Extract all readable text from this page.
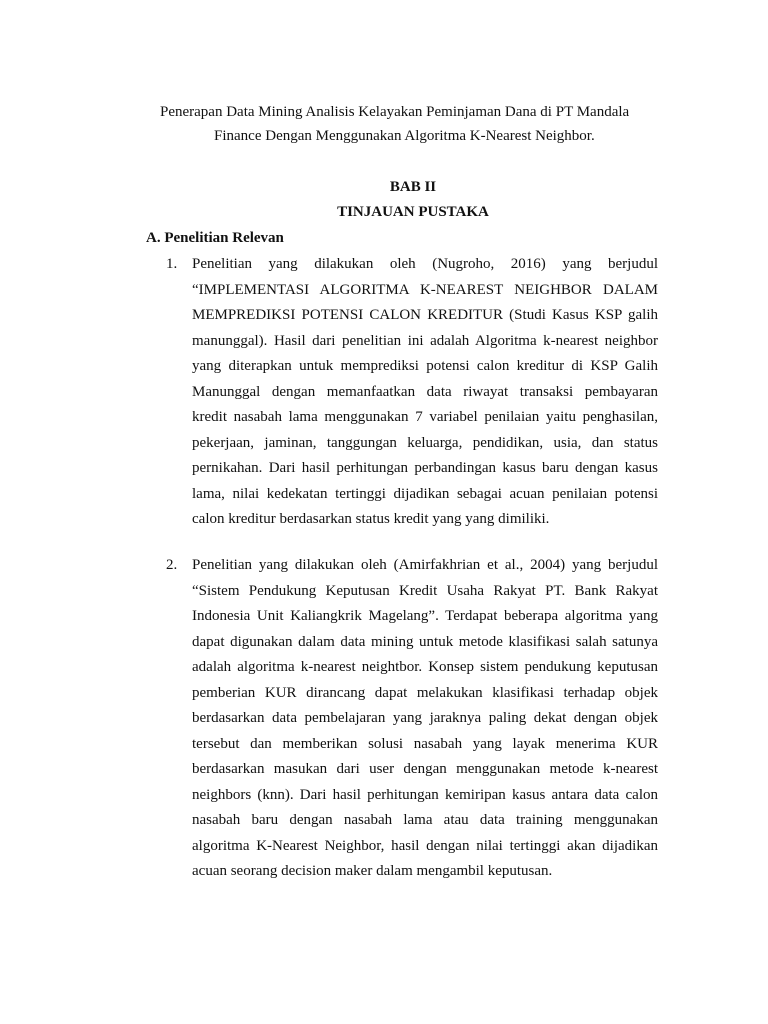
Penerapan Data Mining Analisis Kelayakan Peminjaman Dana di PT Mandala
Finance Dengan Menggunakan Algoritma K-Nearest Neighbor.
BAB II
TINJAUAN PUSTAKA
A. Penelitian Relevan
1. Penelitian yang dilakukan oleh (Nugroho, 2016) yang berjudul
“IMPLEMENTASI ALGORITMA K-NEAREST NEIGHBOR DALAM
MEMPREDIKSI POTENSI CALON KREDITUR (Studi Kasus KSP galih
manunggal). Hasil dari penelitian ini adalah Algoritma k-nearest neighbor
yang diterapkan untuk memprediksi potensi calon kreditur di KSP Galih
Manunggal dengan memanfaatkan data riwayat transaksi pembayaran
kredit nasabah lama menggunakan 7 variabel penilaian yaitu penghasilan,
pekerjaan, jaminan, tanggungan keluarga, pendidikan, usia, dan status
pernikahan. Dari hasil perhitungan perbandingan kasus baru dengan kasus
lama, nilai kedekatan tertinggi dijadikan sebagai acuan penilaian potensi
calon kreditur berdasarkan status kredit yang yang dimiliki.
2. Penelitian yang dilakukan oleh (Amirfakhrian et al., 2004) yang berjudul
“Sistem Pendukung Keputusan Kredit Usaha Rakyat PT. Bank Rakyat
Indonesia Unit Kaliangkrik Magelang”. Terdapat beberapa algoritma yang
dapat digunakan dalam data mining untuk metode klasifikasi salah satunya
adalah algoritma k-nearest neightbor. Konsep sistem pendukung keputusan
pemberian KUR dirancang dapat melakukan klasifikasi terhadap objek
berdasarkan data pembelajaran yang jaraknya paling dekat dengan objek
tersebut dan memberikan solusi nasabah yang layak menerima KUR
berdasarkan masukan dari user dengan menggunakan metode k-nearest
neighbors (knn). Dari hasil perhitungan kemiripan kasus antara data calon
nasabah baru dengan nasabah lama atau data training menggunakan
algoritma K-Nearest Neighbor, hasil dengan nilai tertinggi akan dijadikan
acuan seorang decision maker dalam mengambil keputusan.
